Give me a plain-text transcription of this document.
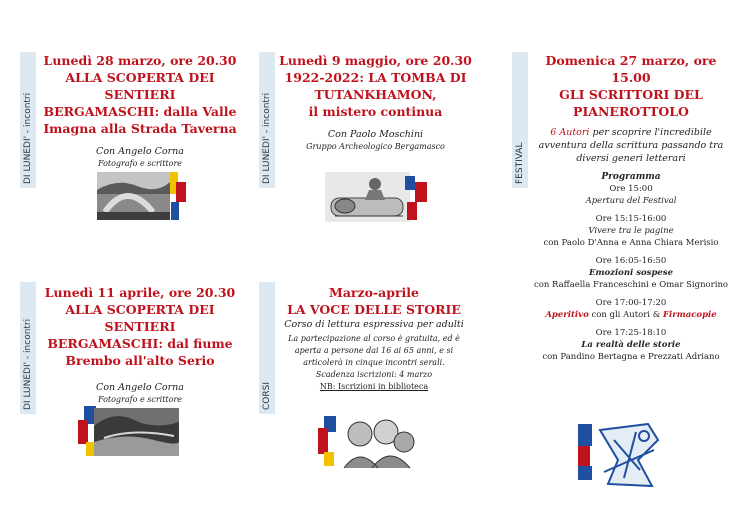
DI LUNEDI' - incontri
Lunedì 28 marzo, ore 20.30
ALLA SCOPERTA DEI SENTIERI
BERGAMASCHI: dalla Valle
Imagna alla Strada Taverna
Con Angelo Corna
Fotografo e scrittore	DI LUNEDI' - incontri
Lunedì 9 maggio, ore 20.30
1922-2022: LA TOMBA DI
TUTANKHAMON,
il mistero continua
Con Paolo Moschini
Gruppo Archeologico Bergamasco	FESTIVAL
Domenica 27 marzo, ore 15.00
GLI SCRITTORI DEL
PIANEROTTOLO
6 Autori per scoprire l'incredibile avventura della scrittura passando tra diversi generi letterari
Programma
Ore 15:00
Apertura del Festival
Ore 15:15-16:00
Vivere tra le pagine
con Paolo D'Anna e Anna Chiara Merisio
Ore 16:05-16:50
Emozioni sospese
con Raffaella Franceschini e Omar Signorino
Ore 17:00-17:20
Aperitivo con gli Autori & Firmacopie
Ore 17:25-18:10
La realtà delle storie
con Pandino Bertagna e Prezzati Adriano
DI LUNEDI' - incontri
Lunedì 11 aprile, ore 20.30
ALLA SCOPERTA DEI SENTIERI
BERGAMASCHI: dal fiume
Brembo all'alto Serio
Con Angelo Corna
Fotografo e scrittore	CORSI
Marzo-aprile
LA VOCE DELLE STORIE
Corso di lettura espressiva per adulti
La partecipazione al corso è gratuita, ed è
aperta a persone dai 16 ai 65 anni, e si
articolerà in cinque incontri serali.
Scadenza iscrizioni: 4 marzo
NB: Iscrizioni in biblioteca
